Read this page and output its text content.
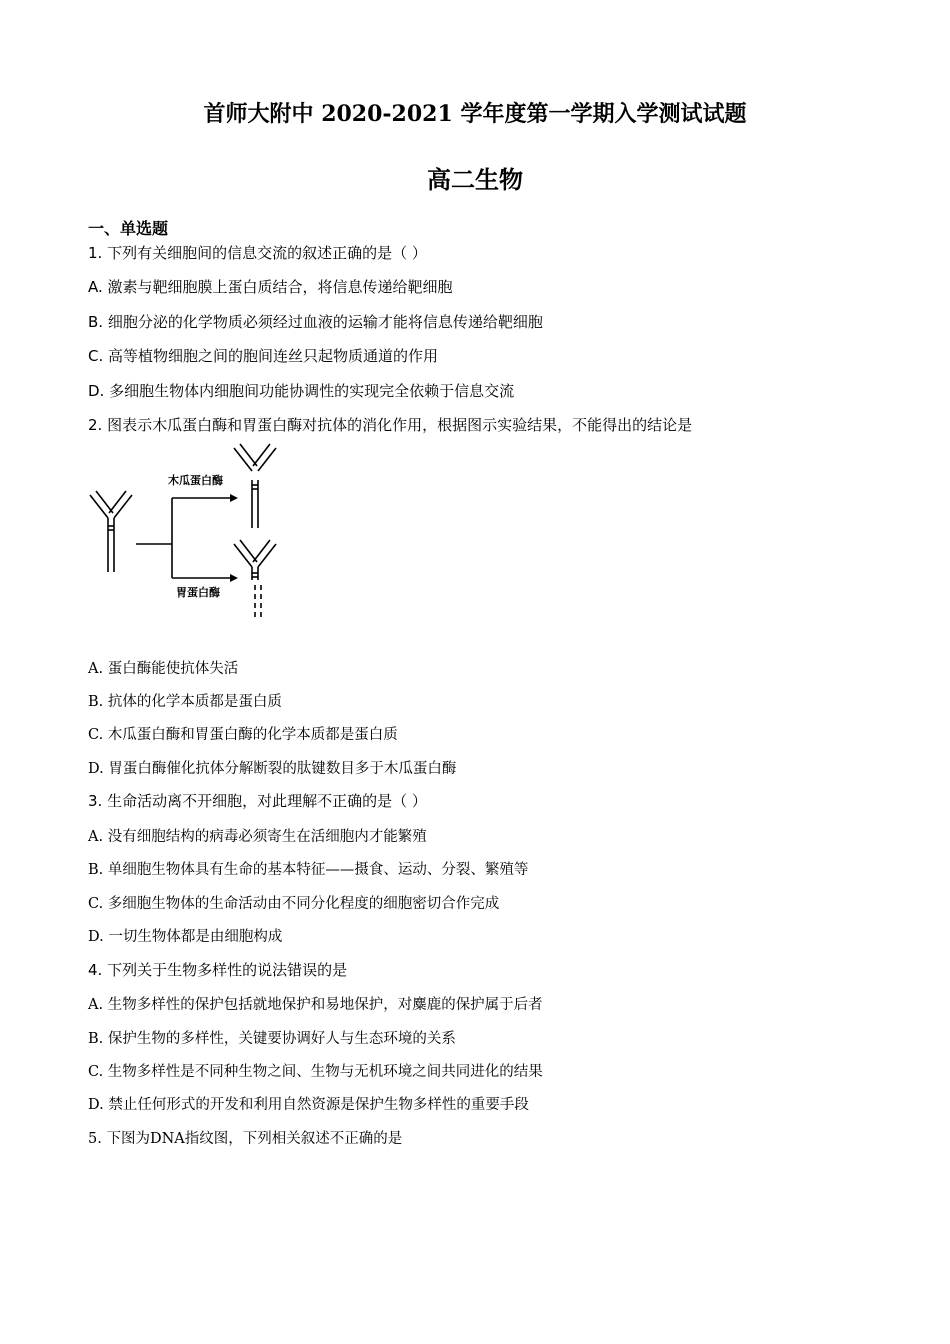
首师大附中 2020-2021 学年度第一学期入学测试试题
高二生物
一、单选题
1. 下列有关细胞间的信息交流的叙述正确的是（ ）
A. 激素与靶细胞膜上蛋白质结合，将信息传递给靶细胞
B. 细胞分泌的化学物质必须经过血液的运输才能将信息传递给靶细胞
C. 高等植物细胞之间的胞间连丝只起物质通道的作用
D. 多细胞生物体内细胞间功能协调性的实现完全依赖于信息交流
2. 图表示木瓜蛋白酶和胃蛋白酶对抗体的消化作用，根据图示实验结果，不能得出的结论是
木瓜蛋白酶
胃蛋白酶
A. 蛋白酶能使抗体失活
B. 抗体的化学本质都是蛋白质
C. 木瓜蛋白酶和胃蛋白酶的化学本质都是蛋白质
D. 胃蛋白酶催化抗体分解断裂的肽键数目多于木瓜蛋白酶
3. 生命活动离不开细胞，对此理解不正确的是（ ）
A. 没有细胞结构的病毒必须寄生在活细胞内才能繁殖
B. 单细胞生物体具有生命的基本特征——摄食、运动、分裂、繁殖等
C. 多细胞生物体的生命活动由不同分化程度的细胞密切合作完成
D. 一切生物体都是由细胞构成
4. 下列关于生物多样性的说法错误的是
A. 生物多样性的保护包括就地保护和易地保护，对麋鹿的保护属于后者
B. 保护生物的多样性，关键要协调好人与生态环境的关系
C. 生物多样性是不同种生物之间、生物与无机环境之间共同进化的结果
D. 禁止任何形式的开发和利用自然资源是保护生物多样性的重要手段
5. 下图为DNA指纹图，下列相关叙述不正确的是
